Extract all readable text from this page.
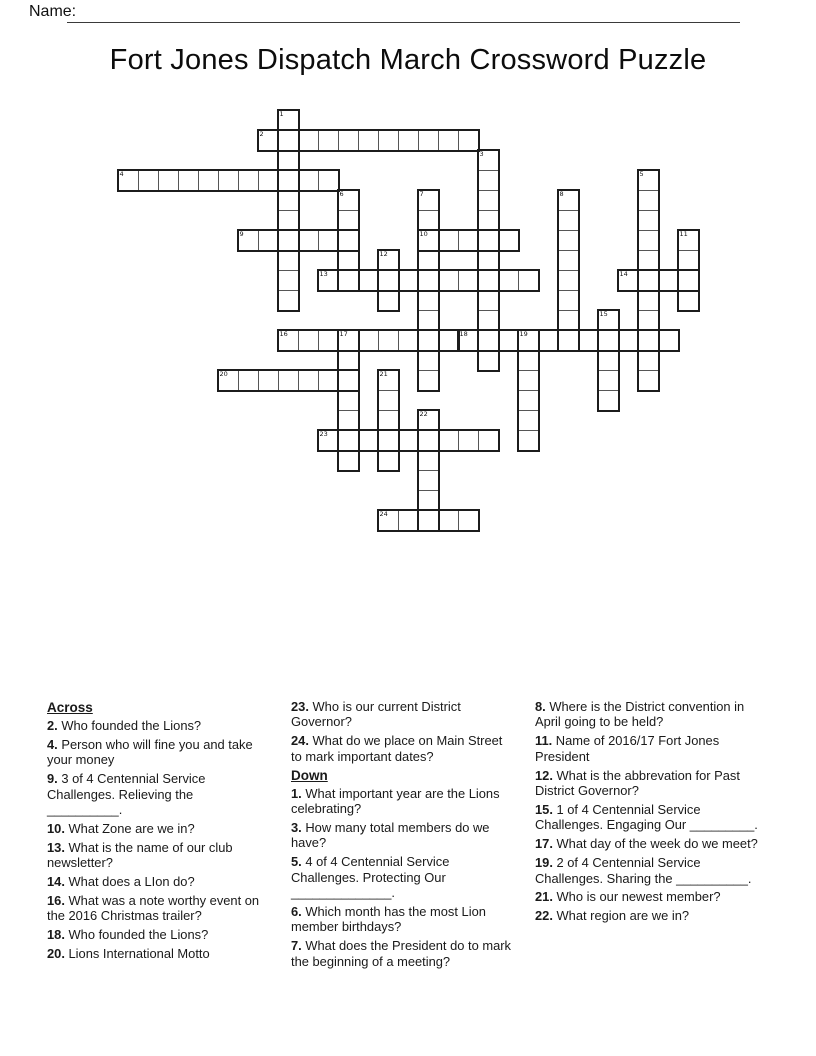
Name:
Fort Jones Dispatch March Crossword Puzzle
1
2
3
4	5
6	7	8
9	10	11
12
13	14
15
16	17	18	19
20	21
22
23
24
Across
2. Who founded the Lions?
4. Person who will fine you and take your money
9. 3 of 4 Centennial Service Challenges. Relieving the __________.
10. What Zone are we in?
13. What is the name of our club newsletter?
14. What does a LIon do?
16. What was a note worthy event on the 2016 Christmas trailer?
18. Who founded the Lions?
20. Lions International Motto
23. Who is our current District Governor?
24. What do we place on Main Street to mark important dates?
Down
1. What important year are the Lions celebrating?
3. How many total members do we have?
5. 4 of 4 Centennial Service Challenges. Protecting Our ______________.
6. Which month has the most Lion member birthdays?
7. What does the President do to mark the beginning of a meeting?
8. Where is the District convention in April going to be held?
11. Name of 2016/17 Fort Jones President
12. What is the abbrevation for Past District Governor?
15. 1 of 4 Centennial Service Challenges. Engaging Our _________.
17. What day of the week do we meet?
19. 2 of 4 Centennial Service Challenges. Sharing the __________.
21. Who is our newest member?
22. What region are we in?
